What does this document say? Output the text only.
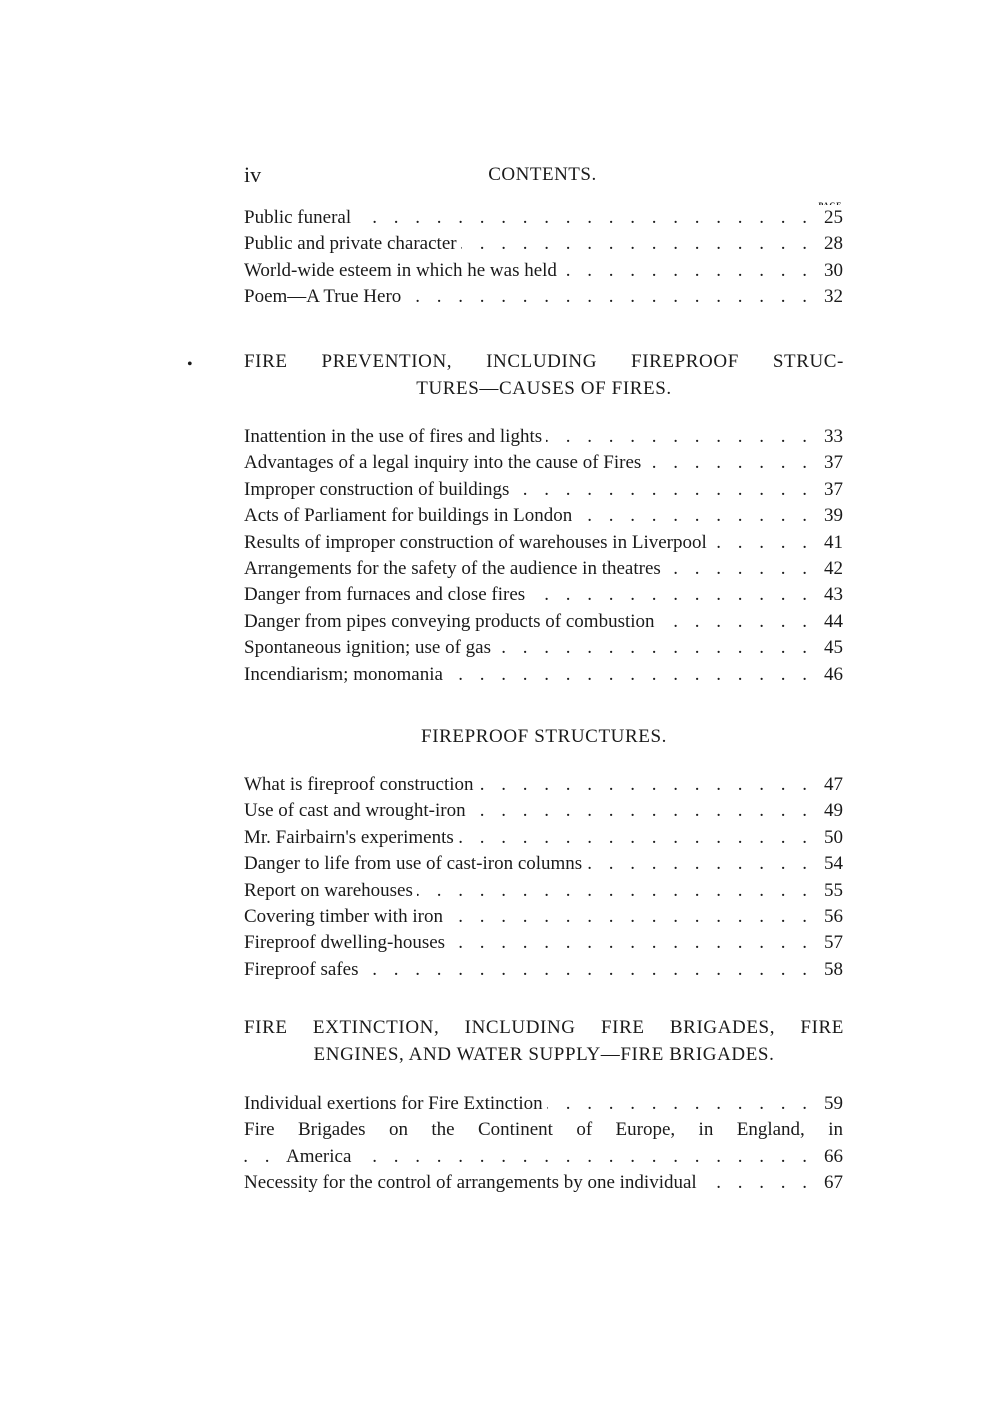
iv	CONTENTS.
Public funeral	25
. . .
Public and private character	28
. . .
World-wide esteem in which he was held	30
. . .
Poem—A True Hero	32
. . .
FIRE PREVENTION, INCLUDING FIREPROOF STRUC-
TURES—CAUSES OF FIRES.
Inattention in the use of fires and lights	33
. . .
Advantages of a legal inquiry into the cause of Fires	37
. . .
Improper construction of buildings	37
. . .
Acts of Parliament for buildings in London	39
. . .
Results of improper construction of warehouses in Liverpool	41
. . .
Arrangements for the safety of the audience in theatres	42
. . .
Danger from furnaces and close fires	43
. . .
Danger from pipes conveying products of combustion	44
. . .
Spontaneous ignition; use of gas	45
. . .
Incendiarism; monomania	46
. . .
FIREPROOF STRUCTURES.
What is fireproof construction	47
. . .
Use of cast and wrought-iron	49
. . .
Mr. Fairbairn's experiments	50
. . .
Danger to life from use of cast-iron columns	54
. . .
Report on warehouses	55
. . .
Covering timber with iron	56
. . .
Fireproof dwelling-houses	57
. . .
Fireproof safes	58
. . .
FIRE EXTINCTION, INCLUDING FIRE BRIGADES, FIRE
ENGINES, AND WATER SUPPLY—FIRE BRIGADES.
Individual exertions for Fire Extinction	59
. . .
Fire Brigades on the Continent of Europe, in England, in
America	66
. . .
Necessity for the control of arrangements by one individual	67
. . .
•
